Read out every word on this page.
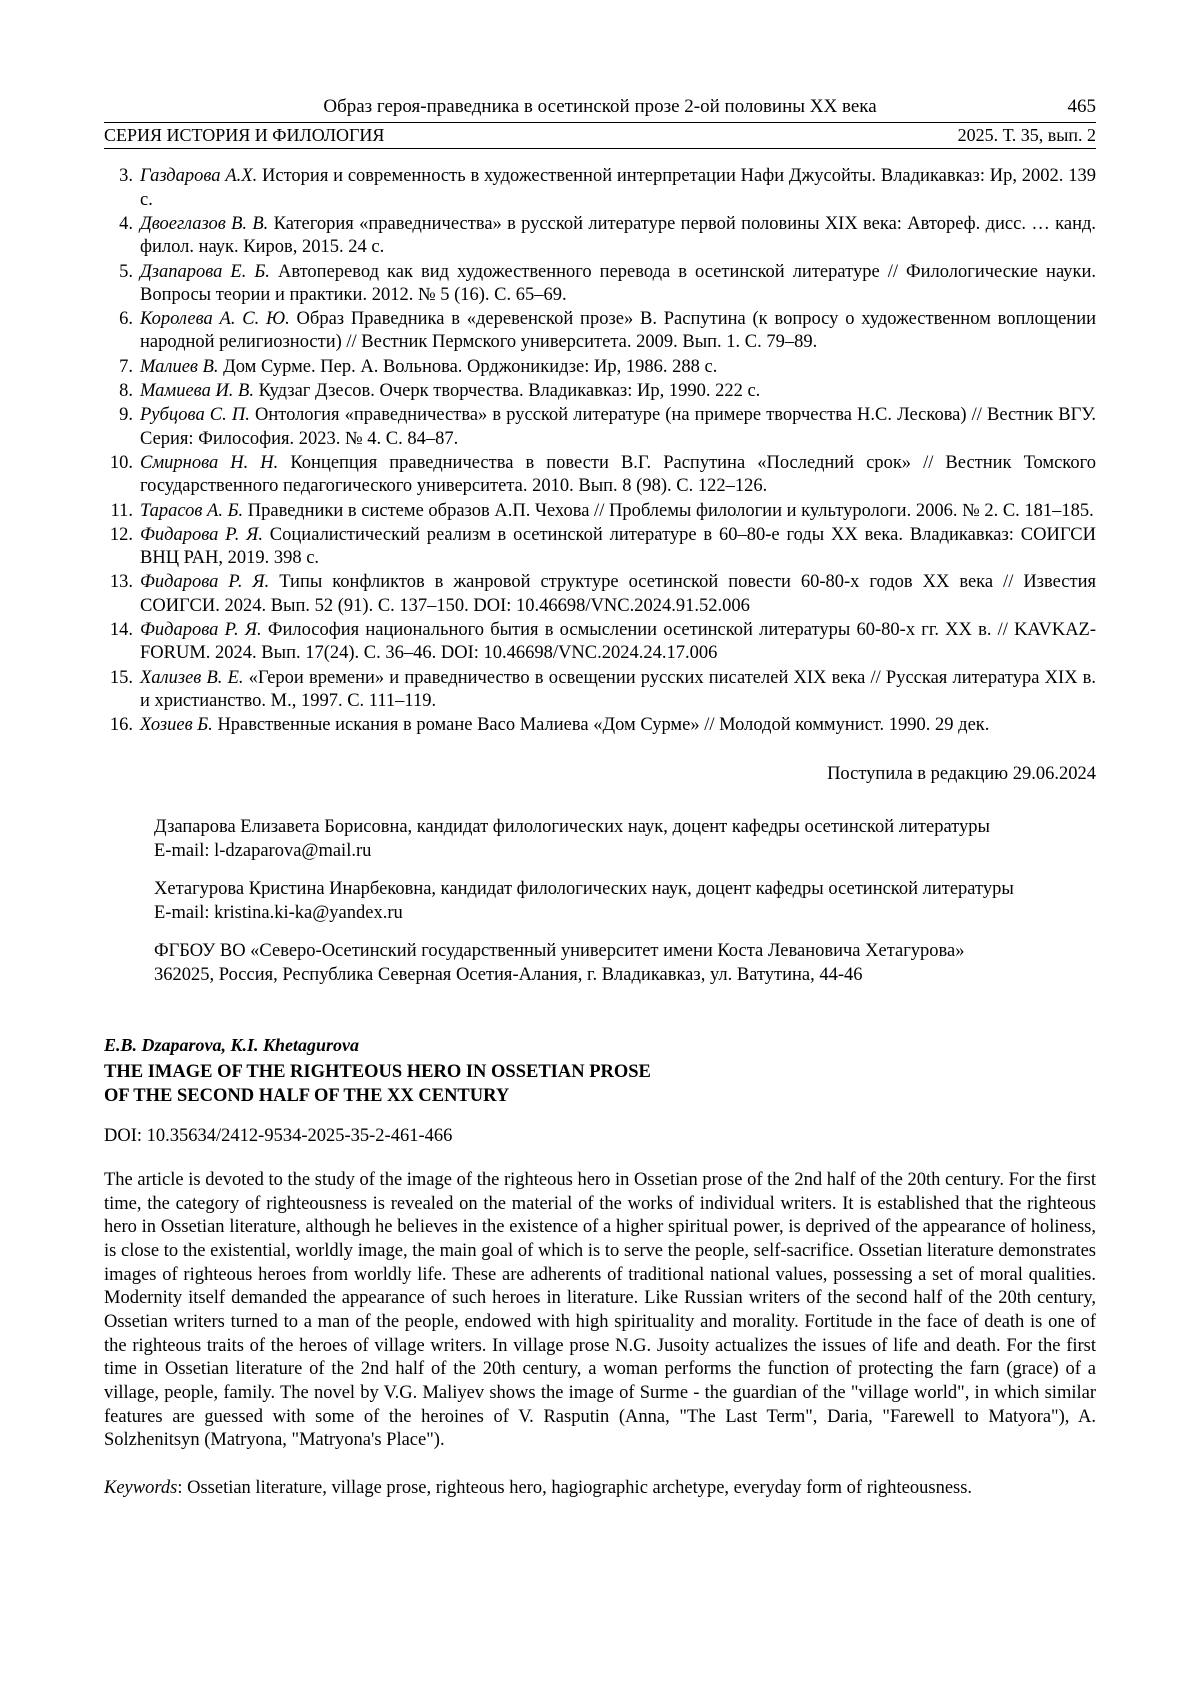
Образ героя-праведника в осетинской прозе 2-ой половины XX века	465
СЕРИЯ ИСТОРИЯ И ФИЛОЛОГИЯ	2025. Т. 35, вып. 2
3. Газдарова А.Х. История и современность в художественной интерпретации Нафи Джусойты. Владикавказ: Ир, 2002. 139 с.
4. Двоеглазов В. В. Категория «праведничества» в русской литературе первой половины XIX века: Автореф. дисс. … канд. филол. наук. Киров, 2015. 24 с.
5. Дзапарова Е. Б. Автоперевод как вид художественного перевода в осетинской литературе // Филологические науки. Вопросы теории и практики. 2012. № 5 (16). С. 65–69.
6. Королева А. С. Ю. Образ Праведника в «деревенской прозе» В. Распутина (к вопросу о художественном воплощении народной религиозности) // Вестник Пермского университета. 2009. Вып. 1. С. 79–89.
7. Малиев В. Дом Сурме. Пер. А. Вольнова. Орджоникидзе: Ир, 1986. 288 с.
8. Мамиева И. В. Кудзаг Дзесов. Очерк творчества. Владикавказ: Ир, 1990. 222 с.
9. Рубцова С. П. Онтология «праведничества» в русской литературе (на примере творчества Н.С. Лескова) // Вестник ВГУ. Серия: Философия. 2023. № 4. С. 84–87.
10. Смирнова Н. Н. Концепция праведничества в повести В.Г. Распутина «Последний срок» // Вестник Томского государственного педагогического университета. 2010. Вып. 8 (98). С. 122–126.
11. Тарасов А. Б. Праведники в системе образов А.П. Чехова // Проблемы филологии и культурологи. 2006. № 2. С. 181–185.
12. Фидарова Р. Я. Социалистический реализм в осетинской литературе в 60–80-е годы XX века. Владикавказ: СОИГСИ ВНЦ РАН, 2019. 398 с.
13. Фидарова Р. Я. Типы конфликтов в жанровой структуре осетинской повести 60-80-х годов XX века // Известия СОИГСИ. 2024. Вып. 52 (91). С. 137–150. DOI: 10.46698/VNC.2024.91.52.006
14. Фидарова Р. Я. Философия национального бытия в осмыслении осетинской литературы 60-80-х гг. XX в. // KAVKAZ-FORUM. 2024. Вып. 17(24). С. 36–46. DOI: 10.46698/VNC.2024.24.17.006
15. Хализев В. Е. «Герои времени» и праведничество в освещении русских писателей XIX века // Русская литература XIX в. и христианство. М., 1997. С. 111–119.
16. Хозиев Б. Нравственные искания в романе Васо Малиева «Дом Сурме» // Молодой коммунист. 1990. 29 дек.
Поступила в редакцию 29.06.2024

Дзапарова Елизавета Борисовна, кандидат филологических наук, доцент кафедры осетинской литературы
E-mail: l-dzaparova@mail.ru

Хетагурова Кристина Инарбековна, кандидат филологических наук, доцент кафедры осетинской литературы
E-mail: kristina.ki-ka@yandex.ru

ФГБОУ ВО «Северо-Осетинский государственный университет имени Коста Левановича Хетагурова»
362025, Россия, Республика Северная Осетия-Алания, г. Владикавказ, ул. Ватутина, 44-46

E.B. Dzaparova, K.I. Khetagurova
THE IMAGE OF THE RIGHTEOUS HERO IN OSSETIAN PROSE
OF THE SECOND HALF OF THE XX CENTURY
DOI: 10.35634/2412-9534-2025-35-2-461-466
The article is devoted to the study of the image of the righteous hero in Ossetian prose of the 2nd half of the 20th century. For the first time, the category of righteousness is revealed on the material of the works of individual writers. It is established that the righteous hero in Ossetian literature, although he believes in the existence of a higher spiritual power, is deprived of the appearance of holiness, is close to the existential, worldly image, the main goal of which is to serve the people, self-sacrifice. Ossetian literature demonstrates images of righteous heroes from worldly life. These are adherents of traditional national values, possessing a set of moral qualities. Modernity itself demanded the appearance of such heroes in literature. Like Russian writers of the second half of the 20th century, Ossetian writers turned to a man of the people, endowed with high spirituality and morality. Fortitude in the face of death is one of the righteous traits of the heroes of village writers. In village prose N.G. Jusoity actualizes the issues of life and death. For the first time in Ossetian literature of the 2nd half of the 20th century, a woman performs the function of protecting the farn (grace) of a village, people, family. The novel by V.G. Maliyev shows the image of Surme - the guardian of the "village world", in which similar features are guessed with some of the heroines of V. Rasputin (Anna, "The Last Term", Daria, "Farewell to Matyora"), A. Solzhenitsyn (Matryona, "Matryona's Place").
Keywords: Ossetian literature, village prose, righteous hero, hagiographic archetype, everyday form of righteousness.
